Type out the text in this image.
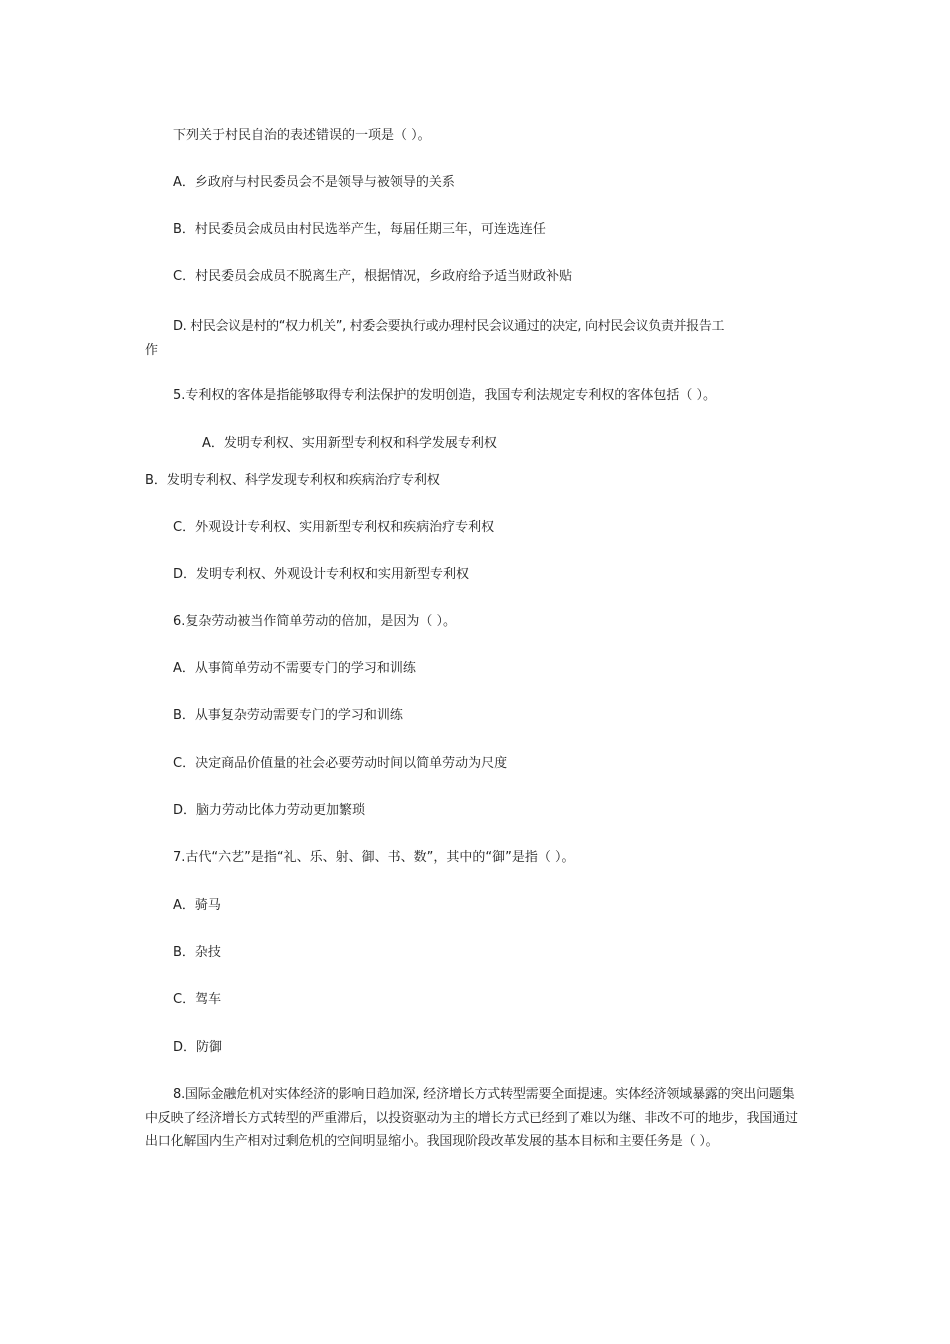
下列关于村民自治的表述错误的一项是（ ）。
A．乡政府与村民委员会不是领导与被领导的关系
B．村民委员会成员由村民选举产生，每届任期三年，可连选连任
C．村民委员会成员不脱离生产，根据情况，乡政府给予适当财政补贴
D. 村民会议是村的“权力机关”, 村委会要执行或办理村民会议通过的决定, 向村民会议负责并报告工
作
5.专利权的客体是指能够取得专利法保护的发明创造，我国专利法规定专利权的客体包括（ ）。
A．发明专利权、实用新型专利权和科学发展专利权
B．发明专利权、科学发现专利权和疾病治疗专利权
C．外观设计专利权、实用新型专利权和疾病治疗专利权
D．发明专利权、外观设计专利权和实用新型专利权
6.复杂劳动被当作简单劳动的倍加，是因为（ ）。
A．从事简单劳动不需要专门的学习和训练
B．从事复杂劳动需要专门的学习和训练
C．决定商品价值量的社会必要劳动时间以简单劳动为尺度
D．脑力劳动比体力劳动更加繁琐
7.古代“六艺”是指“礼、乐、射、御、书、数”，其中的“御”是指（ ）。
A．骑马
B．杂技
C．驾车
D．防御
8.国际金融危机对实体经济的影响日趋加深, 经济增长方式转型需要全面提速。实体经济领域暴露的突出问题集中反映了经济增长方式转型的严重滞后，以投资驱动为主的增长方式已经到了难以为继、非改不可的地步，我国通过出口化解国内生产相对过剩危机的空间明显缩小。我国现阶段改革发展的基本目标和主要任务是（ ）。
